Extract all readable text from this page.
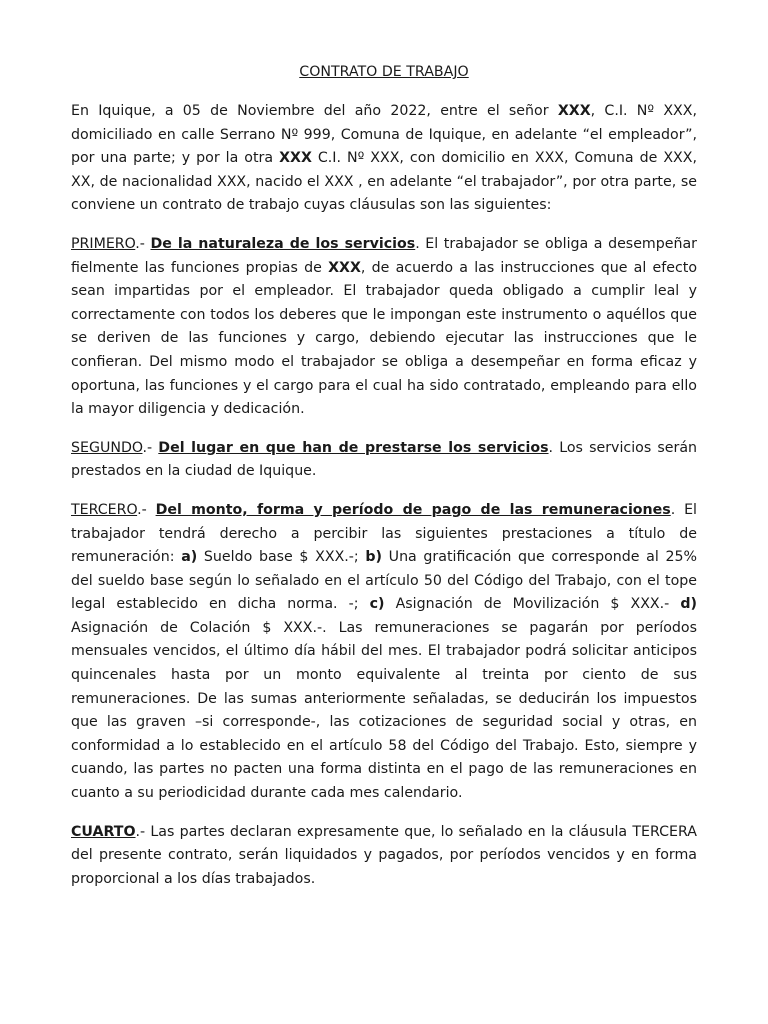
CONTRATO DE TRABAJO

En Iquique, a 05 de Noviembre del año 2022, entre el señor XXX, C.I. Nº XXX, domiciliado en calle Serrano Nº 999, Comuna de Iquique, en adelante “el empleador”, por una parte; y por la otra XXX C.I. Nº XXX, con domicilio en XXX, Comuna de XXX, XX, de nacionalidad XXX, nacido el XXX , en adelante “el trabajador”, por otra parte, se conviene un contrato de trabajo cuyas cláusulas son las siguientes:

PRIMERO.- De la naturaleza de los servicios. El trabajador se obliga a desempeñar fielmente las funciones propias de XXX, de acuerdo a las instrucciones que al efecto sean impartidas por el empleador. El trabajador queda obligado a cumplir leal y correctamente con todos los deberes que le impongan este instrumento o aquéllos que se deriven de las funciones y cargo, debiendo ejecutar las instrucciones que le confieran. Del mismo modo el trabajador se obliga a desempeñar en forma eficaz y oportuna, las funciones y el cargo para el cual ha sido contratado, empleando para ello la mayor diligencia y dedicación.

SEGUNDO.- Del lugar en que han de prestarse los servicios. Los servicios serán prestados en la ciudad de Iquique.

TERCERO.- Del monto, forma y período de pago de las remuneraciones. El trabajador tendrá derecho a percibir las siguientes prestaciones a título de remuneración: a) Sueldo base $ XXX.-; b) Una gratificación que corresponde al 25% del sueldo base según lo señalado en el artículo 50 del Código del Trabajo, con el tope legal establecido en dicha norma. -; c) Asignación de Movilización $ XXX.- d) Asignación de Colación $ XXX.-. Las remuneraciones se pagarán por períodos mensuales vencidos, el último día hábil del mes. El trabajador podrá solicitar anticipos quincenales hasta por un monto equivalente al treinta por ciento de sus remuneraciones. De las sumas anteriormente señaladas, se deducirán los impuestos que las graven –si corresponde-, las cotizaciones de seguridad social y otras, en conformidad a lo establecido en el artículo 58 del Código del Trabajo. Esto, siempre y cuando, las partes no pacten una forma distinta en el pago de las remuneraciones en cuanto a su periodicidad durante cada mes calendario.

CUARTO.- Las partes declaran expresamente que, lo señalado en la cláusula TERCERA del presente contrato, serán liquidados y pagados, por períodos vencidos y en forma proporcional a los días trabajados.
